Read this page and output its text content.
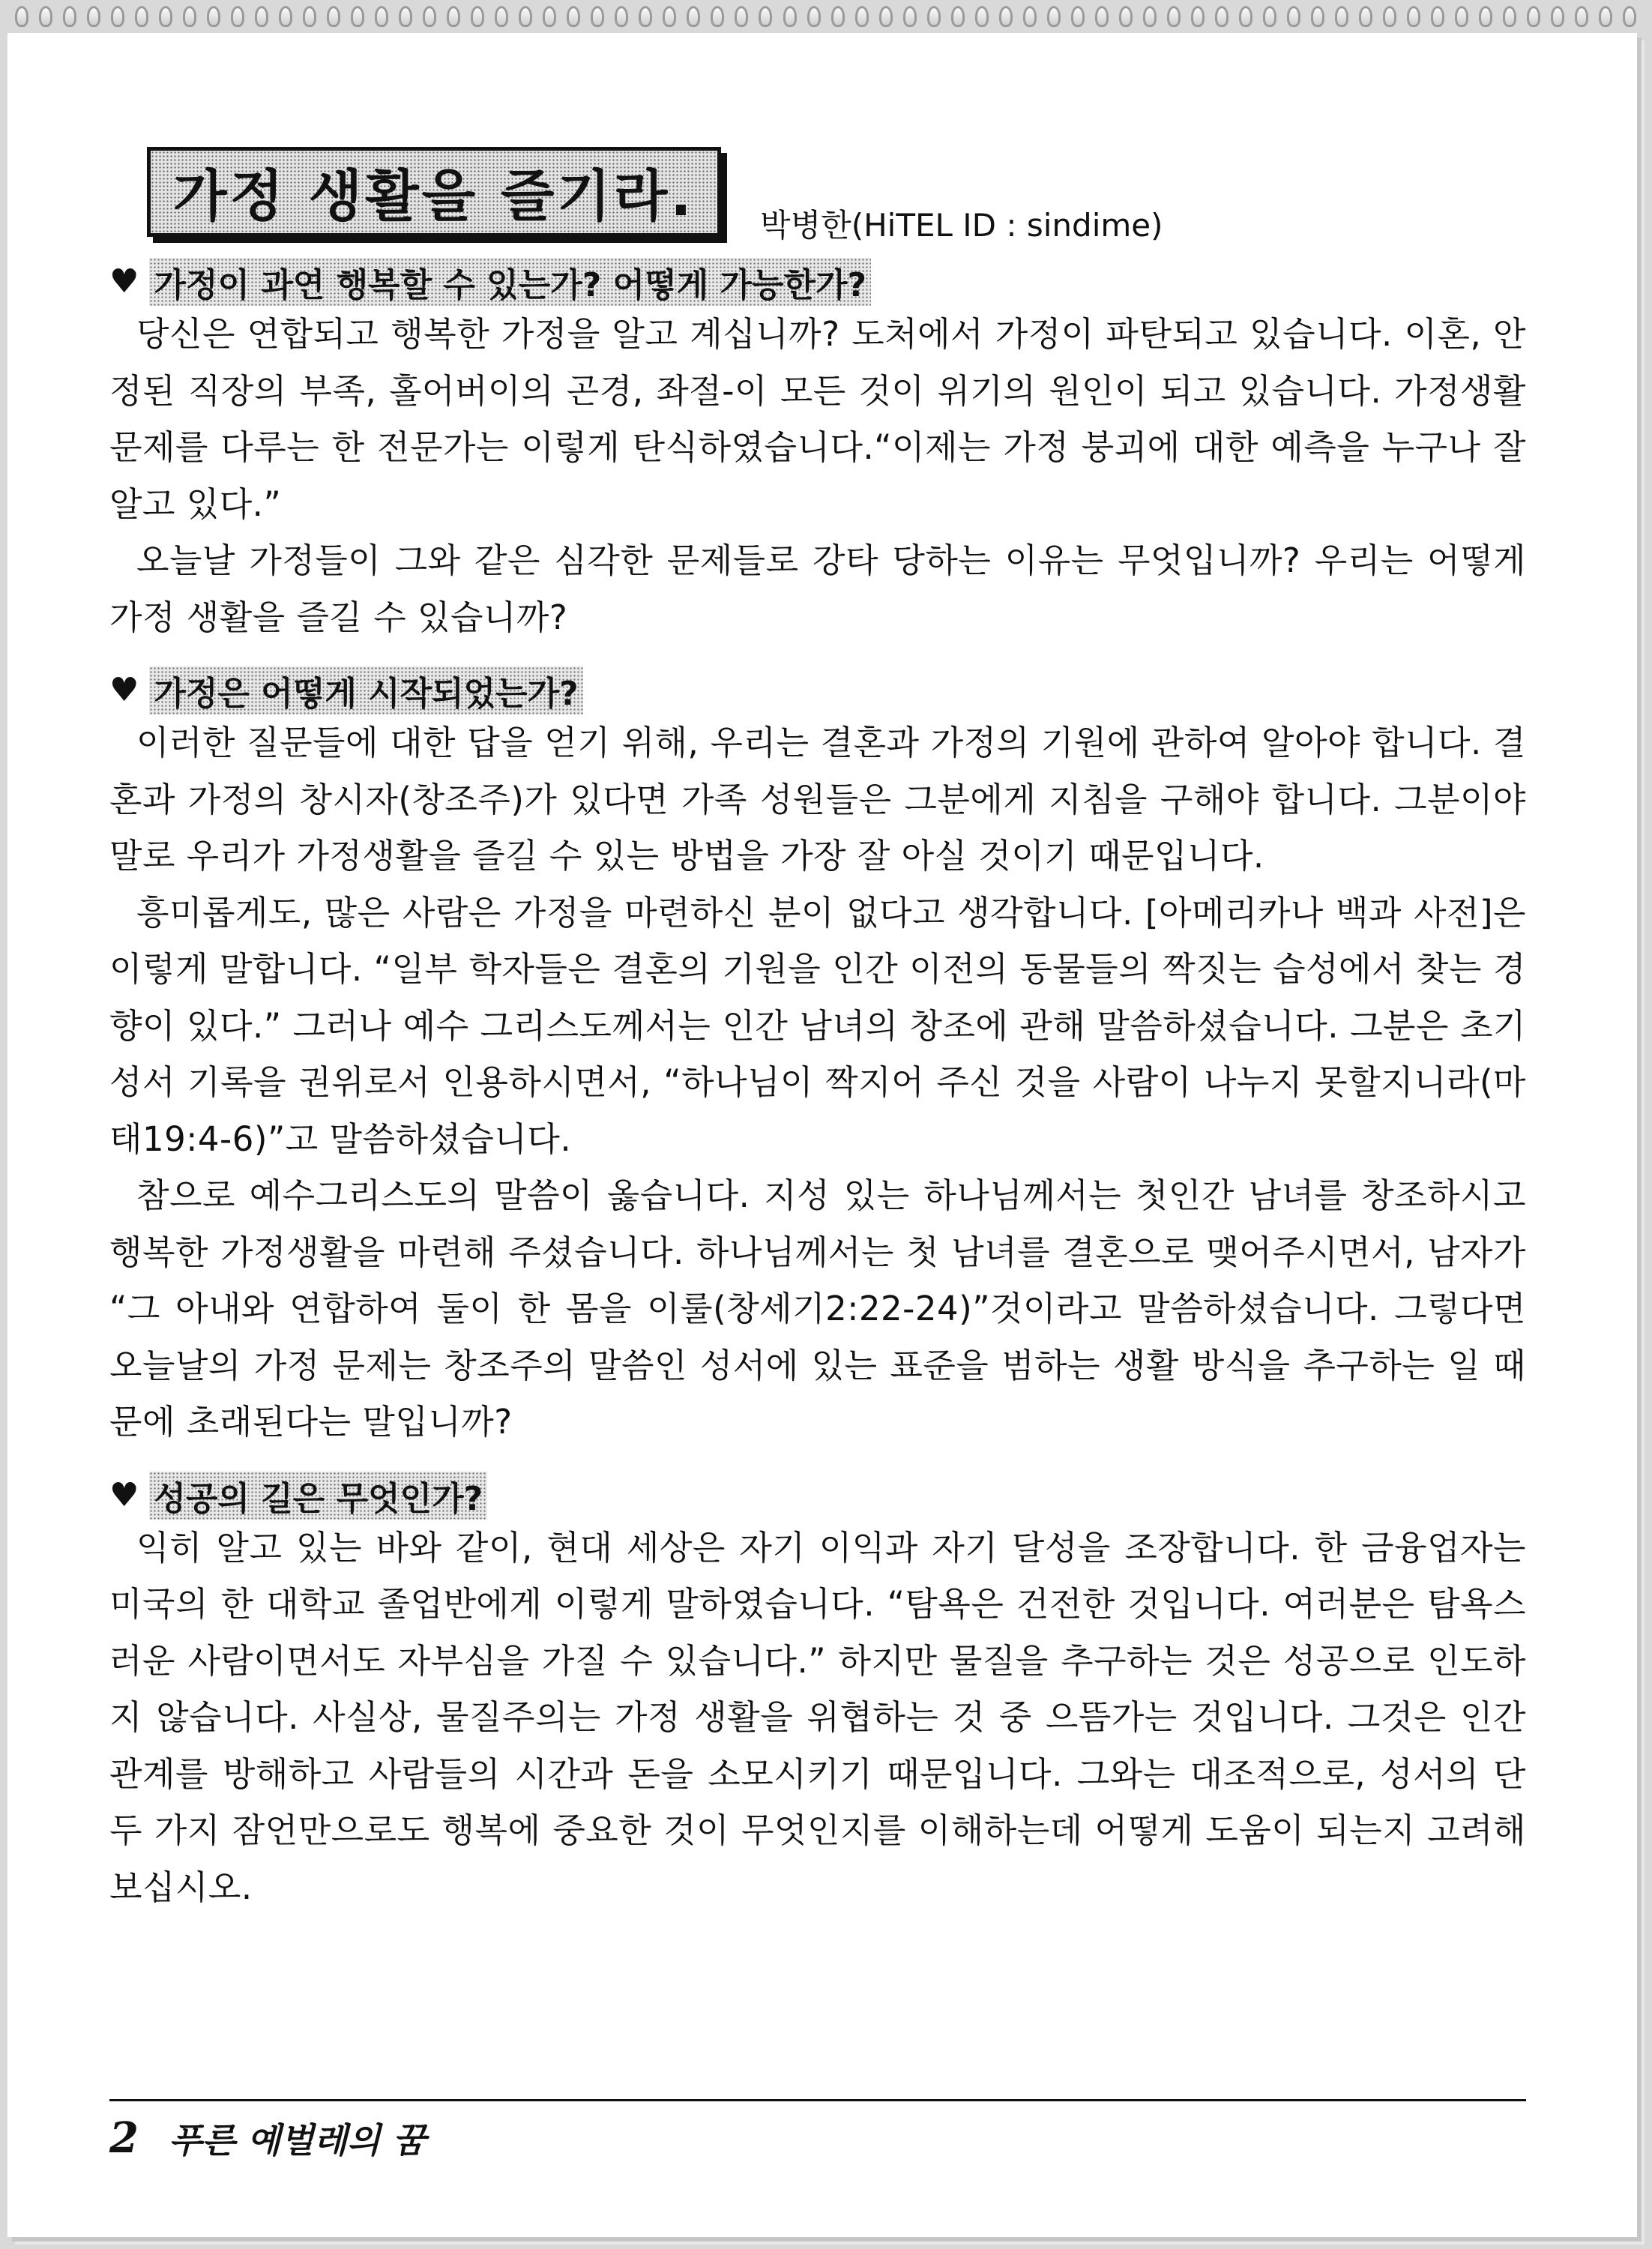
가정 생활을 즐기라.	박병한(HiTEL ID : sindime)
♥ 가정이 과연 행복할 수 있는가? 어떻게 가능한가?

당신은 연합되고 행복한 가정을 알고 계십니까? 도처에서 가정이 파탄되고 있습니다. 이혼, 안정된 직장의 부족, 홀어버이의 곤경, 좌절-이 모든 것이 위기의 원인이 되고 있습니다. 가정생활 문제를 다루는 한 전문가는 이렇게 탄식하였습니다.“이제는 가정 붕괴에 대한 예측을 누구나 잘 알고 있다.”

오늘날 가정들이 그와 같은 심각한 문제들로 강타 당하는 이유는 무엇입니까? 우리는 어떻게 가정 생활을 즐길 수 있습니까?

♥ 가정은 어떻게 시작되었는가?

이러한 질문들에 대한 답을 얻기 위해, 우리는 결혼과 가정의 기원에 관하여 알아야 합니다. 결혼과 가정의 창시자(창조주)가 있다면 가족 성원들은 그분에게 지침을 구해야 합니다. 그분이야말로 우리가 가정생활을 즐길 수 있는 방법을 가장 잘 아실 것이기 때문입니다.

흥미롭게도, 많은 사람은 가정을 마련하신 분이 없다고 생각합니다. [아메리카나 백과 사전]은 이렇게 말합니다. “일부 학자들은 결혼의 기원을 인간 이전의 동물들의 짝짓는 습성에서 찾는 경향이 있다.” 그러나 예수 그리스도께서는 인간 남녀의 창조에 관해 말씀하셨습니다. 그분은 초기 성서 기록을 권위로서 인용하시면서, “하나님이 짝지어 주신 것을 사람이 나누지 못할지니라(마태19:4-6)”고 말씀하셨습니다.

참으로 예수그리스도의 말씀이 옳습니다. 지성 있는 하나님께서는 첫인간 남녀를 창조하시고 행복한 가정생활을 마련해 주셨습니다. 하나님께서는 첫 남녀를 결혼으로 맺어주시면서, 남자가 “그 아내와 연합하여 둘이 한 몸을 이룰(창세기2:22-24)”것이라고 말씀하셨습니다. 그렇다면 오늘날의 가정 문제는 창조주의 말씀인 성서에 있는 표준을 범하는 생활 방식을 추구하는 일 때문에 초래된다는 말입니까?

♥ 성공의 길은 무엇인가?

익히 알고 있는 바와 같이, 현대 세상은 자기 이익과 자기 달성을 조장합니다. 한 금융업자는 미국의 한 대학교 졸업반에게 이렇게 말하였습니다. “탐욕은 건전한 것입니다. 여러분은 탐욕스러운 사람이면서도 자부심을 가질 수 있습니다.” 하지만 물질을 추구하는 것은 성공으로 인도하지 않습니다. 사실상, 물질주의는 가정 생활을 위협하는 것 중 으뜸가는 것입니다. 그것은 인간 관계를 방해하고 사람들의 시간과 돈을 소모시키기 때문입니다. 그와는 대조적으로, 성서의 단 두 가지 잠언만으로도 행복에 중요한 것이 무엇인지를 이해하는데 어떻게 도움이 되는지 고려해 보십시오.

2 푸른 예벌레의 꿈
